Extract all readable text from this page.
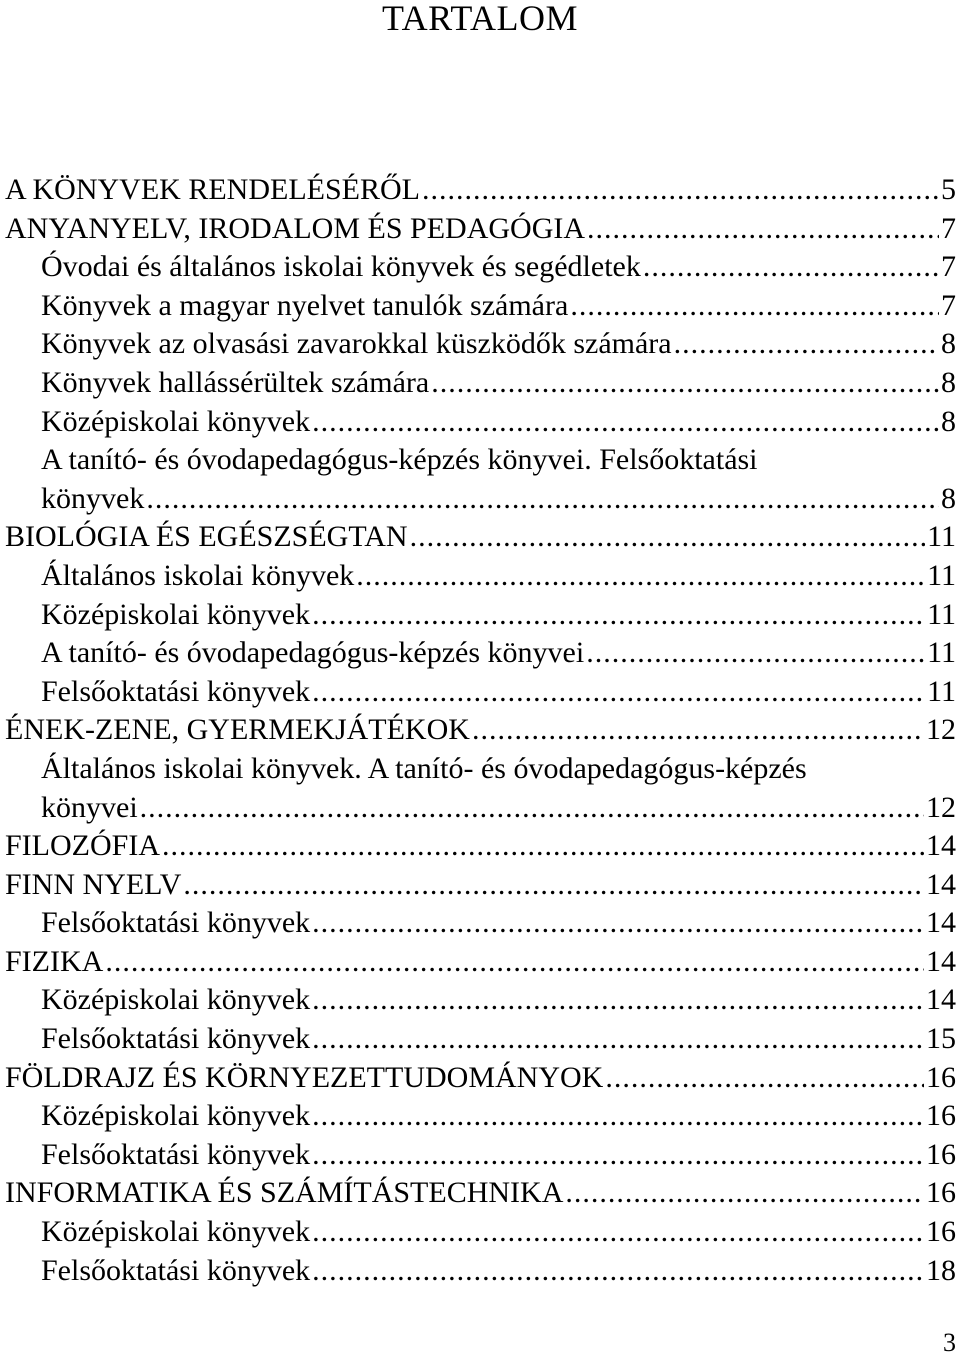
TARTALOM
A KÖNYVEK RENDELÉSÉRŐL .....	5
ANYANYELV, IRODALOM ÉS PEDAGÓGIA .....	7
Óvodai és általános iskolai könyvek és segédletek .....	7
Könyvek a magyar nyelvet tanulók számára .....	7
Könyvek az olvasási zavarokkal küszködők számára .....	8
Könyvek hallássérültek számára .....	8
Középiskolai könyvek .....	8
A tanító- és óvodapedagógus-képzés könyvei. Felsőoktatási
könyvek .....	8
BIOLÓGIA ÉS EGÉSZSÉGTAN .....	11
Általános iskolai könyvek .....	11
Középiskolai könyvek .....	11
A tanító- és óvodapedagógus-képzés könyvei .....	11
Felsőoktatási könyvek .....	11
ÉNEK-ZENE, GYERMEKJÁTÉKOK .....	12
Általános iskolai könyvek. A tanító- és óvodapedagógus-képzés
könyvei .....	12
FILOZÓFIA .....	14
FINN NYELV .....	14
Felsőoktatási könyvek .....	14
FIZIKA .....	14
Középiskolai könyvek .....	14
Felsőoktatási könyvek .....	15
FÖLDRAJZ ÉS KÖRNYEZETTUDOMÁNYOK .....	16
Középiskolai könyvek .....	16
Felsőoktatási könyvek .....	16
INFORMATIKA ÉS SZÁMÍTÁSTECHNIKA .....	16
Középiskolai könyvek .....	16
Felsőoktatási könyvek .....	18
3
